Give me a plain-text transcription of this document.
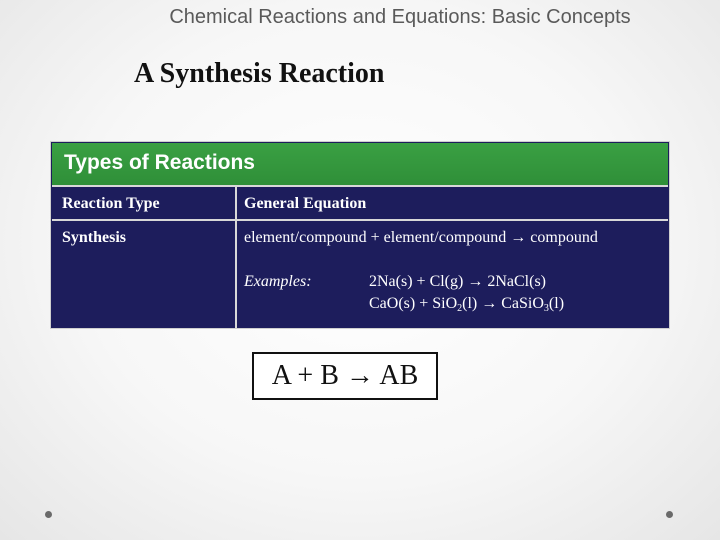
Chemical Reactions and Equations: Basic Concepts
A Synthesis Reaction
Types of Reactions
Reaction Type	General Equation
Synthesis	element/compound + element/compound → compound
Examples:	2Na(s) + Cl(g) → 2NaCl(s)
CaO(s) + SiO2(l) → CaSiO3(l)
A + B → AB
